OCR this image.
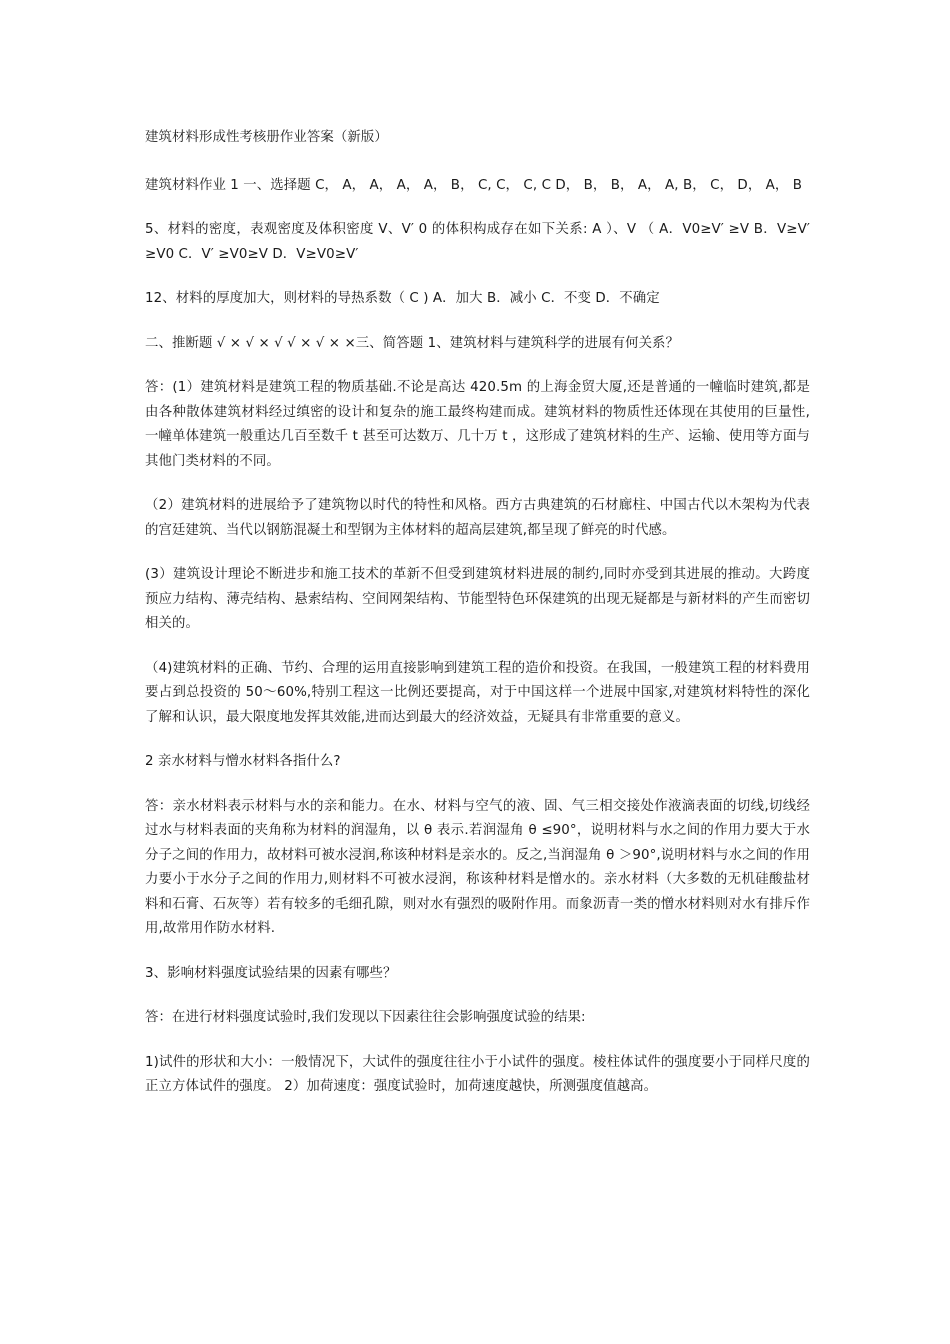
建筑材料形成性考核册作业答案（新版）

建筑材料作业 1 一、选择题 C， A， A， A， A， B， C, C， C, C D， B， B， A， A, B， C， D， A， B

5、材料的密度，表观密度及体积密度 V、V′ 0 的体积构成存在如下关系: A ）、V （ A．V0≥V′ ≥V B．V≥V′ ≥V0 C．V′ ≥V0≥V D．V≥V0≥V′

12、材料的厚度加大，则材料的导热系数（ C ) A．加大 B．减小 C．不变 D．不确定

二、推断题 √ × √ × √ √ × √ × ×三、简答题 1、建筑材料与建筑科学的进展有何关系？

答：(1）建筑材料是建筑工程的物质基础.不论是高达 420.5m 的上海金贸大厦,还是普通的一幢临时建筑,都是由各种散体建筑材料经过缜密的设计和复杂的施工最终构建而成。建筑材料的物质性还体现在其使用的巨量性,一幢单体建筑一般重达几百至数千 t 甚至可达数万、几十万 t ，这形成了建筑材料的生产、运输、使用等方面与其他门类材料的不同。

（2）建筑材料的进展给予了建筑物以时代的特性和风格。西方古典建筑的石材廊柱、中国古代以木架构为代表的宫廷建筑、当代以钢筋混凝土和型钢为主体材料的超高层建筑,都呈现了鲜亮的时代感。

(3）建筑设计理论不断进步和施工技术的革新不但受到建筑材料进展的制约,同时亦受到其进展的推动。大跨度预应力结构、薄壳结构、悬索结构、空间网架结构、节能型特色环保建筑的出现无疑都是与新材料的产生而密切相关的。

（4)建筑材料的正确、节约、合理的运用直接影响到建筑工程的造价和投资。在我国，一般建筑工程的材料费用要占到总投资的 50～60%,特别工程这一比例还要提高，对于中国这样一个进展中国家,对建筑材料特性的深化了解和认识，最大限度地发挥其效能,进而达到最大的经济效益，无疑具有非常重要的意义。

2 亲水材料与憎水材料各指什么?

答：亲水材料表示材料与水的亲和能力。在水、材料与空气的液、固、气三相交接处作液滴表面的切线,切线经过水与材料表面的夹角称为材料的润湿角，以 θ 表示.若润湿角 θ ≤90°，说明材料与水之间的作用力要大于水分子之间的作用力，故材料可被水浸润,称该种材料是亲水的。反之,当润湿角 θ ＞90°,说明材料与水之间的作用力要小于水分子之间的作用力,则材料不可被水浸润，称该种材料是憎水的。亲水材料（大多数的无机硅酸盐材料和石膏、石灰等）若有较多的毛细孔隙，则对水有强烈的吸附作用。而象沥青一类的憎水材料则对水有排斥作用,故常用作防水材料.

3、影响材料强度试验结果的因素有哪些？

答：在进行材料强度试验时,我们发现以下因素往往会影响强度试验的结果:

1)试件的形状和大小：一般情况下，大试件的强度往往小于小试件的强度。棱柱体试件的强度要小于同样尺度的正立方体试件的强度。 2）加荷速度：强度试验时，加荷速度越快，所测强度值越高。
